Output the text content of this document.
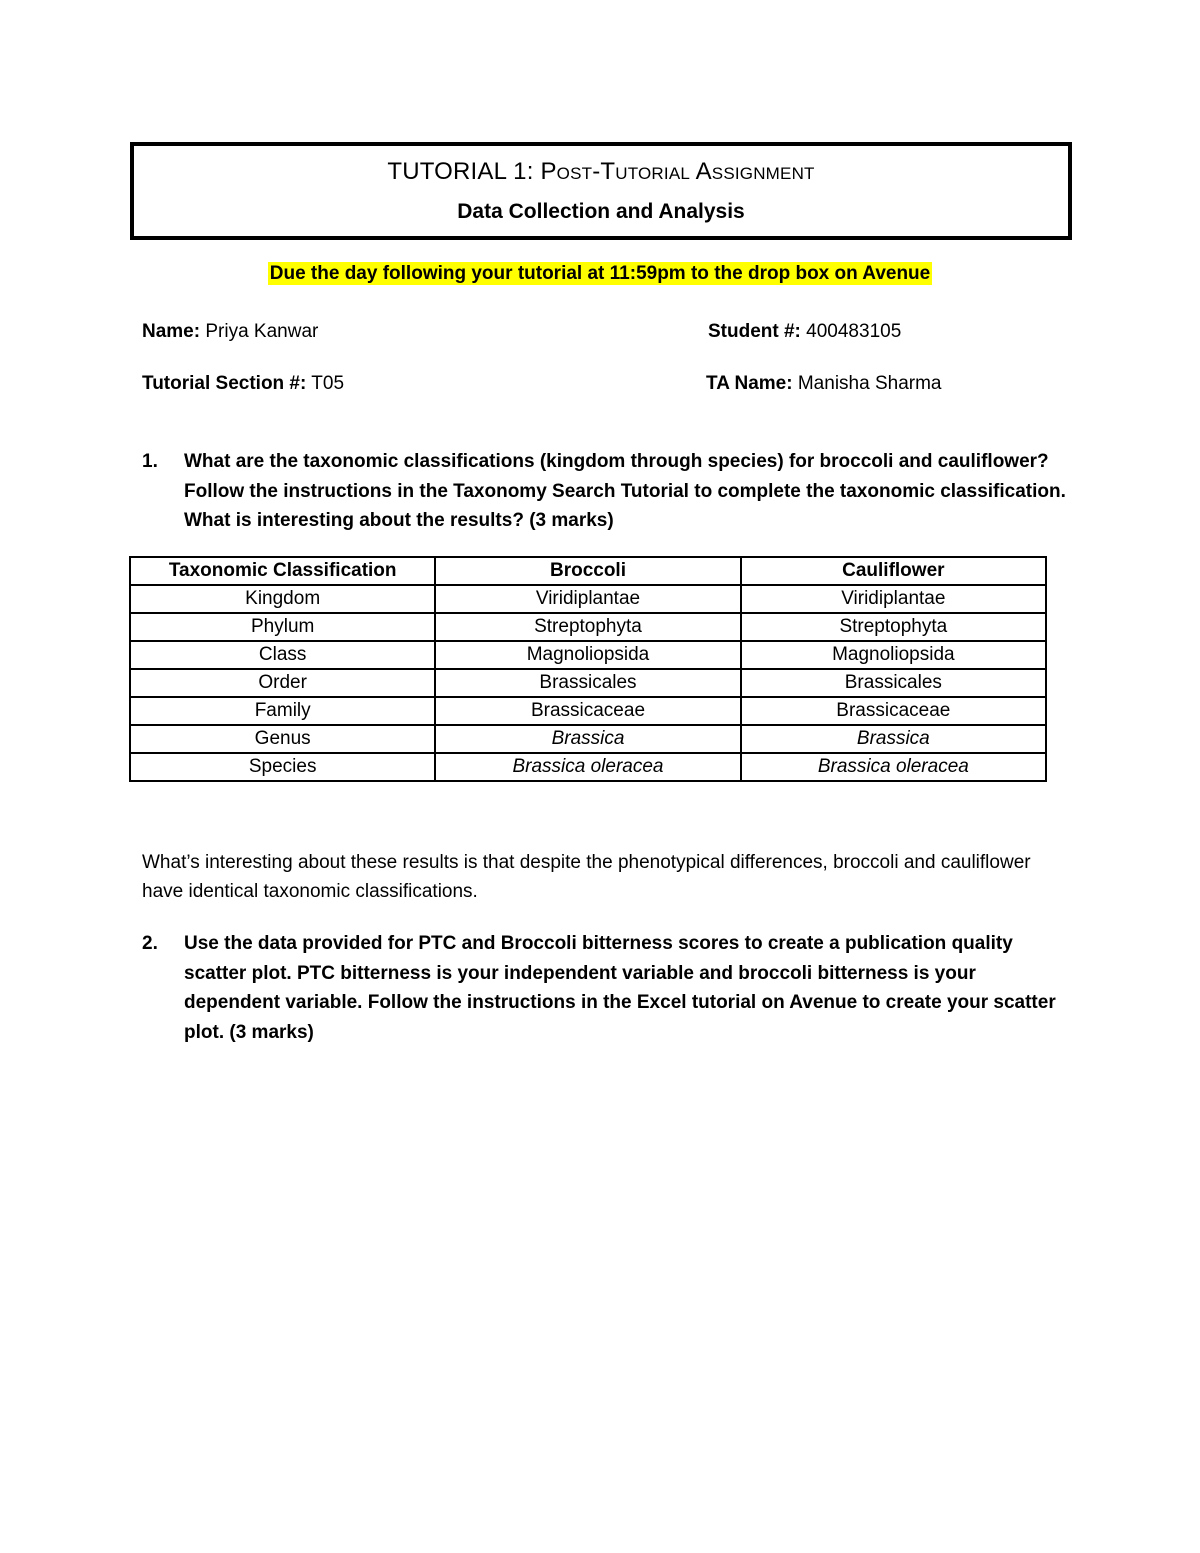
TUTORIAL 1: Post-Tutorial Assignment
Data Collection and Analysis
Due the day following your tutorial at 11:59pm to the drop box on Avenue
Name: Priya Kanwar	Student #: 400483105
Tutorial Section #: T05	TA Name: Manisha Sharma
1. What are the taxonomic classifications (kingdom through species) for broccoli and cauliflower? Follow the instructions in the Taxonomy Search Tutorial to complete the taxonomic classification. What is interesting about the results? (3 marks)
Taxonomic Classification	Broccoli	Cauliflower
Kingdom	Viridiplantae	Viridiplantae
Phylum	Streptophyta	Streptophyta
Class	Magnoliopsida	Magnoliopsida
Order	Brassicales	Brassicales
Family	Brassicaceae	Brassicaceae
Genus	Brassica	Brassica
Species	Brassica oleracea	Brassica oleracea
What’s interesting about these results is that despite the phenotypical differences, broccoli and cauliflower have identical taxonomic classifications.
2. Use the data provided for PTC and Broccoli bitterness scores to create a publication quality scatter plot. PTC bitterness is your independent variable and broccoli bitterness is your dependent variable. Follow the instructions in the Excel tutorial on Avenue to create your scatter plot. (3 marks)
